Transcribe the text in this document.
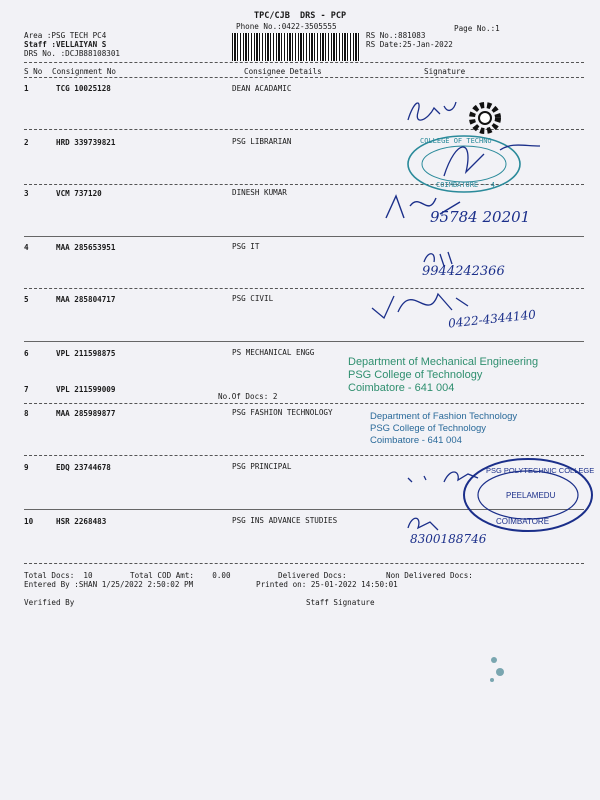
TPC/CJB  DRS - PCP
Phone No.:0422-3505555	Page No.:1
Area :PSG TECH PC4
Staff :VELLAIYAN S
DRS No. :DCJB88108301
RS No.:881083
RS Date:25-Jan-2022
S No Consignment No	Consignee Details	Signature
1	TCG 10025128	DEAN ACADAMIC
2	HRD 339739821	PSG LIBRARIAN
3	VCM 737120	DINESH KUMAR
4	MAA 285653951	PSG IT
5	MAA 285804717	PSG CIVIL
6	VPL 211598875	PS MECHANICAL ENGG
7	VPL 211599009
No.Of Docs: 2
8	MAA 285989877	PSG FASHION TECHNOLOGY
9	EDQ 23744678	PSG PRINCIPAL
10	HSR 2268483	PSG INS ADVANCE STUDIES
Total Docs:  10	Total COD Amt:    0.00	Delivered Docs:	Non Delivered Docs:
Entered By :SHAN 1/25/2022 2:50:02 PM	Printed on: 25-01-2022 14:50:01
Verified By	Staff Signature
COLLEGE OF TECHNO
COIMBATORE - 4
95784 20201
9944242366
0422-4344140
Department of Mechanical Engineering
PSG College of Technology
Coimbatore - 641 004
Department of Fashion Technology
PSG College of Technology
Coimbatore - 641 004
PSG POLYTECHNIC COLLEGE
PEELAMEDU
COIMBATORE
8300188746
